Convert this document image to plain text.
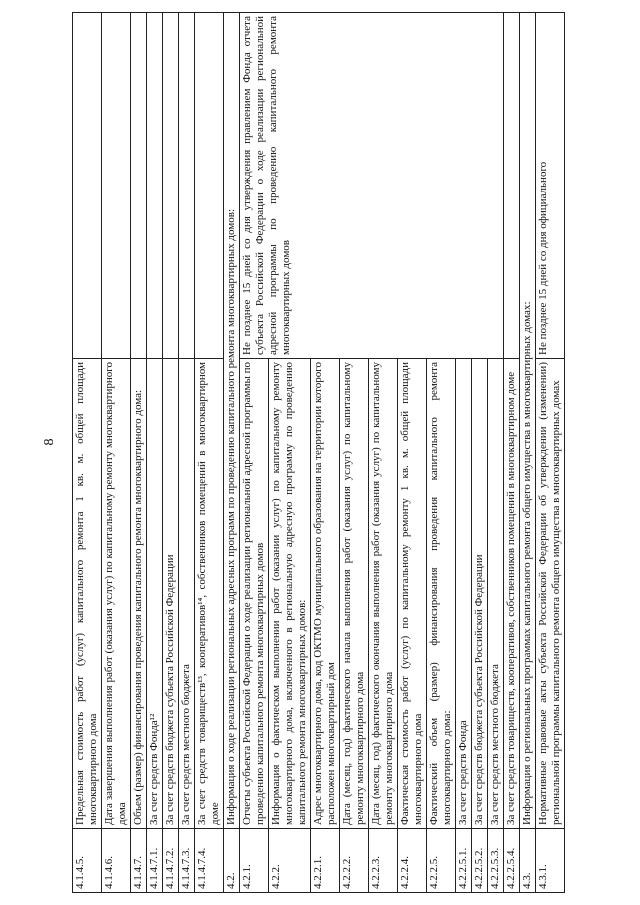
8
4.1.4.5.	Предельная стоимость работ (услуг) капитального ремонта 1 кв. м. общей площади многоквартирного дома	
4.1.4.6.	Дата завершения выполнения работ (оказания услуг) по капитальному ремонту многоквартирного дома	
4.1.4.7.	Объем (размер) финансирования проведения капитального ремонта многоквартирного дома:	
4.1.4.7.1.	За счет средств Фонда¹²	
4.1.4.7.2.	За счет средств бюджета субъекта Российской Федерации	
4.1.4.7.3.	За счет средств местного бюджета	
4.1.4.7.4.	За счет средств товариществ¹³, кооперативов¹⁴, собственников помещений в многоквартирном доме	
4.2.	Информация о ходе реализации региональных адресных программ по проведению капитального ремонта многоквартирных домов:	
4.2.1.	Отчеты субъекта Российской Федерации о ходе реализации региональной адресной программы по проведению капитального ремонта многоквартирных домов	Не позднее 15 дней со дня утверждения правлением Фонда отчета субъекта Российской Федерации о ходе реализации региональной адресной программы по проведению капитального ремонта многоквартирных домов
4.2.2.	Информация о фактическом выполнении работ (оказании услуг) по капитальному ремонту многоквартирного дома, включенного в региональную адресную программу по проведению капитального ремонта многоквартирных домов:	
4.2.2.1.	Адрес многоквартирного дома, код ОКТМО муниципального образования на территории которого расположен многоквартирный дом	
4.2.2.2.	Дата (месяц, год) фактического начала выполнения работ (оказания услуг) по капитальному ремонту многоквартирного дома	
4.2.2.3.	Дата (месяц, год) фактического окончания выполнения работ (оказания услуг) по капитальному ремонту многоквартирного дома	
4.2.2.4.	Фактическая стоимость работ (услуг) по капитальному ремонту 1 кв. м. общей площади многоквартирного дома	
4.2.2.5.	Фактический объем (размер) финансирования проведения капитального ремонта многоквартирного дома:	
4.2.2.5.1.	За счет средств Фонда	
4.2.2.5.2.	За счет средств бюджета субъекта Российской Федерации	
4.2.2.5.3.	За счет средств местного бюджета	
4.2.2.5.4.	За счет средств товариществ, кооперативов, собственников помещений в многоквартирном доме	
4.3.	Информация о региональных программах капитального ремонта общего имущества в многоквартирных домах:	
4.3.1.	Нормативные правовые акты субъекта Российской Федерации об утверждении (изменении) региональной программы капитального ремонта общего имущества в многоквартирных домах	Не позднее 15 дней со дня официального
